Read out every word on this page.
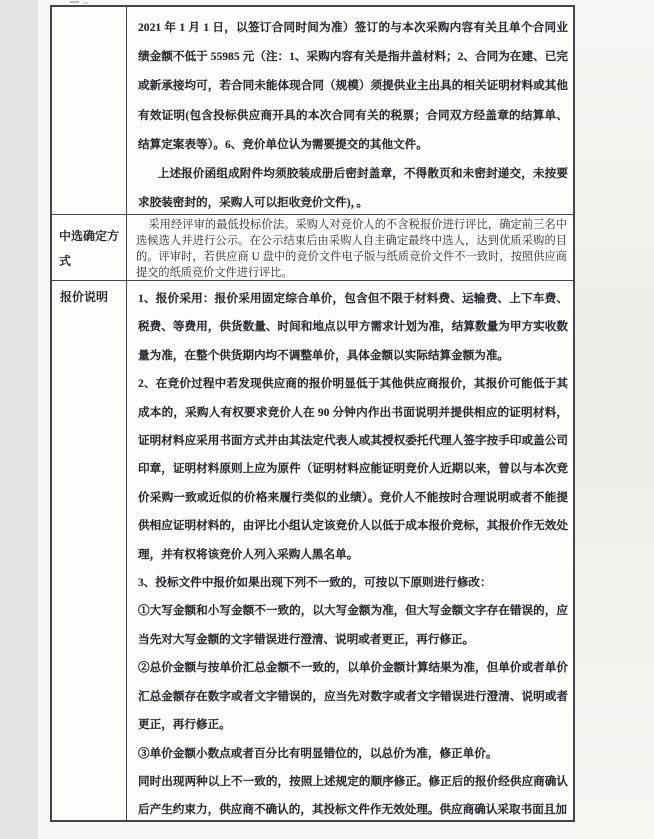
2021 年 1 月 1 日，以签订合同时间为准）签订的与本次采购内容有关且单个合同业绩金额不低于 55985 元（注：1、采购内容有关是指井盖材料；2、合同为在建、已完或新承接均可，若合同未能体现合同（规模）须提供业主出具的相关证明材料或其他有效证明(包含投标供应商开具的本次合同有关的税票；合同双方经盖章的结算单、结算定案表等）。6、竞价单位认为需要提交的其他文件。

上述报价函组成附件均须胶装成册后密封盖章，不得散页和未密封递交，未按要求胶装密封的，采购人可以拒收竞价文件)，。

中选确定方式

采用经评审的最低投标价法。采购人对竞价人的不含税报价进行评比，确定前三名中选候选人并进行公示。在公示结束后由采购人自主确定最终中选人，达到优质采购的目的。评审时，若供应商 U 盘中的竞价文件电子版与纸质竞价文件不一致时，按照供应商提交的纸质竞价文件进行评比。

报价说明	1、报价采用：报价采用固定综合单价，包含但不限于材料费、运输费、上下车费、税费、等费用，供货数量、时间和地点以甲方需求计划为准，结算数量为甲方实收数量为准，在整个供货期内均不调整单价，具体金额以实际结算金额为准。

2、在竞价过程中若发现供应商的报价明显低于其他供应商报价，其报价可能低于其成本的，采购人有权要求竞价人在 90 分钟内作出书面说明并提供相应的证明材料，证明材料应采用书面方式并由其法定代表人或其授权委托代理人签字按手印或盖公司印章，证明材料原则上应为原件（证明材料应能证明竞价人近期以来，曾以与本次竞价采购一致或近似的价格来履行类似的业绩）。竞价人不能按时合理说明或者不能提供相应证明材料的，由评比小组认定该竞价人以低于成本报价竞标，其报价作无效处理，并有权将该竞价人列入采购人黑名单。

3、投标文件中报价如果出现下列不一致的，可按以下原则进行修改：

①大写金额和小写金额不一致的，以大写金额为准，但大写金额文字存在错误的，应当先对大写金额的文字错误进行澄清、说明或者更正，再行修正。

②总价金额与按单价汇总金额不一致的，以单价金额计算结果为准，但单价或者单价汇总金额存在数字或者文字错误的，应当先对数字或者文字错误进行澄清、说明或者更正，再行修正。

③单价金额小数点或者百分比有明显错位的，以总价为准，修正单价。

同时出现两种以上不一致的，按照上述规定的顺序修正。修正后的报价经供应商确认后产生约束力，供应商不确认的，其投标文件作无效处理。供应商确认采取书面且加
